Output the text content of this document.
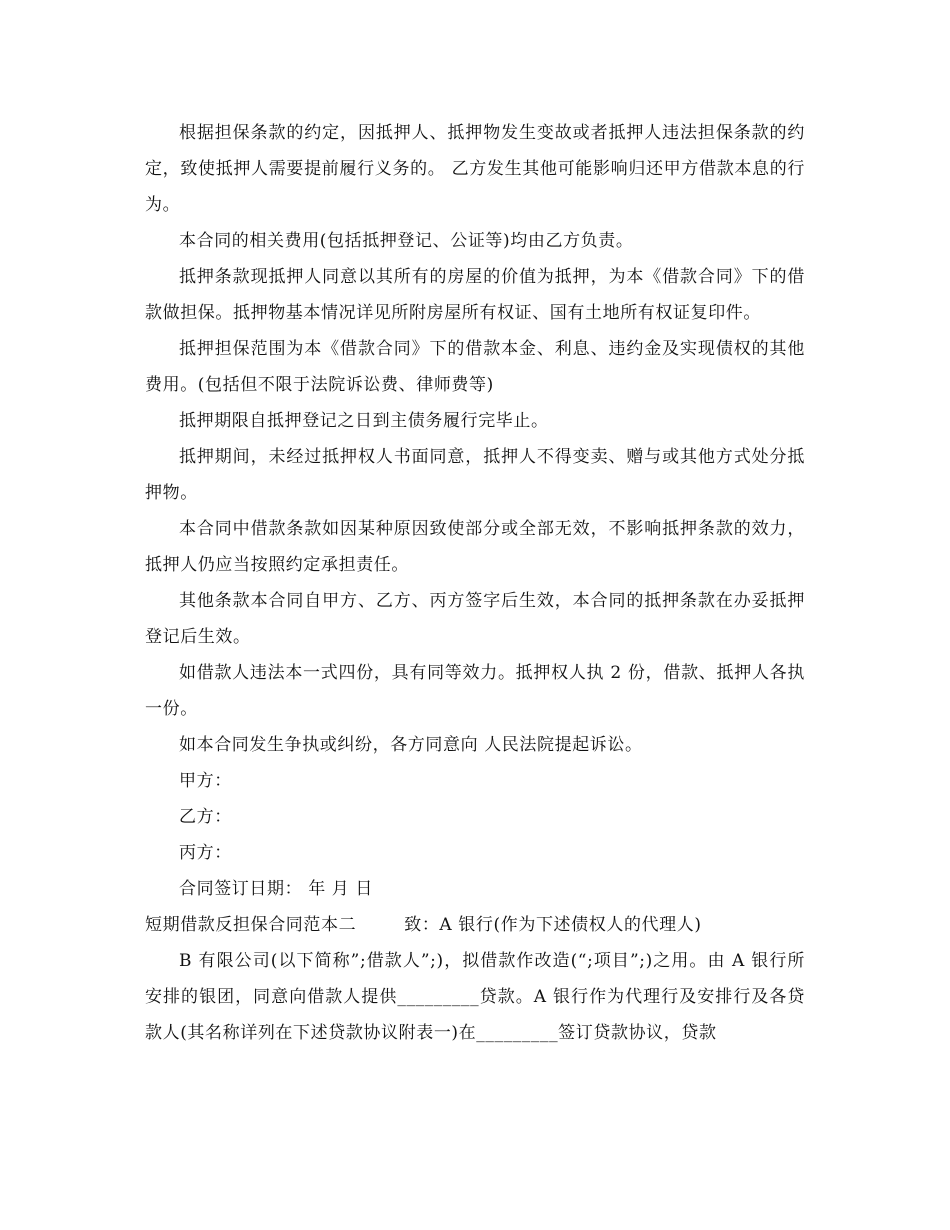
根据担保条款的约定，因抵押人、抵押物发生变故或者抵押人违法担保条款的约定，致使抵押人需要提前履行义务的。 乙方发生其他可能影响归还甲方借款本息的行为。

本合同的相关费用(包括抵押登记、公证等)均由乙方负责。

抵押条款现抵押人同意以其所有的房屋的价值为抵押，为本《借款合同》下的借款做担保。抵押物基本情况详见所附房屋所有权证、国有土地所有权证复印件。

抵押担保范围为本《借款合同》下的借款本金、利息、违约金及实现债权的其他费用。(包括但不限于法院诉讼费、律师费等)

抵押期限自抵押登记之日到主债务履行完毕止。

抵押期间，未经过抵押权人书面同意，抵押人不得变卖、赠与或其他方式处分抵押物。

本合同中借款条款如因某种原因致使部分或全部无效，不影响抵押条款的效力，抵押人仍应当按照约定承担责任。

其他条款本合同自甲方、乙方、丙方签字后生效，本合同的抵押条款在办妥抵押登记后生效。

如借款人违法本一式四份，具有同等效力。抵押权人执 2 份，借款、抵押人各执一份。

如本合同发生争执或纠纷，各方同意向 人民法院提起诉讼。

甲方：

乙方：

丙方：

合同签订日期： 年 月 日

短期借款反担保合同范本二        致：A 银行(作为下述债权人的代理人)

B 有限公司(以下简称”;借款人”;)，拟借款作改造(“;项目”;)之用。由 A 银行所安排的银团，同意向借款人提供_________贷款。A 银行作为代理行及安排行及各贷款人(其名称详列在下述贷款协议附表一)在_________签订贷款协议，贷款
